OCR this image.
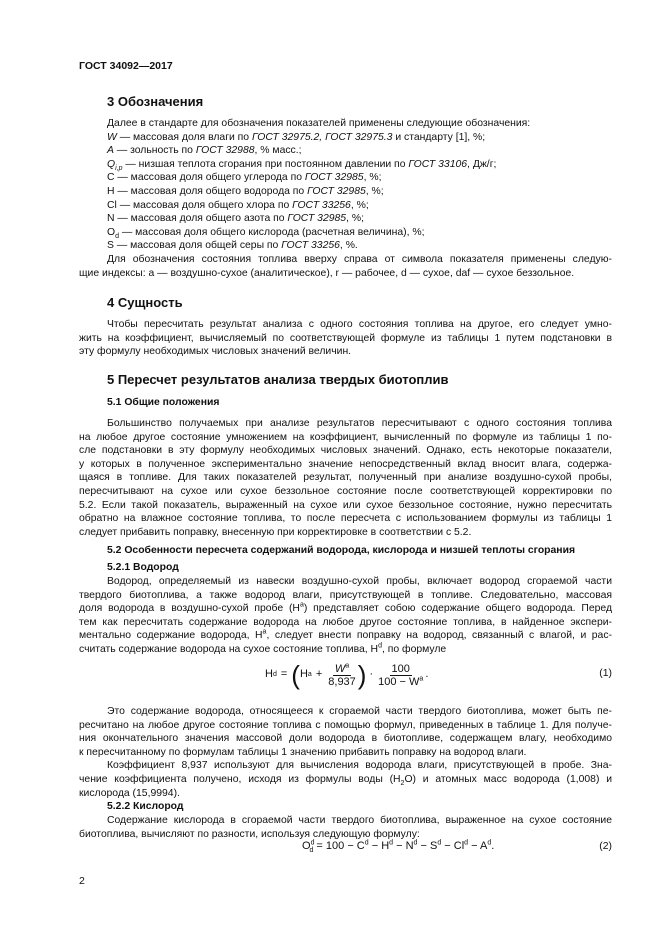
ГОСТ 34092—2017
3 Обозначения

Далее в стандарте для обозначения показателей применены следующие обозначения:

W — массовая доля влаги по ГОСТ 32975.2, ГОСТ 32975.3 и стандарту [1], %;

A — зольность по ГОСТ 32988, % масс.;

$Q_{i,p}$ — низшая теплота сгорания при постоянном давлении по ГОСТ 33106, Дж/г;

С — массовая доля общего углерода по ГОСТ 32985, %;

Н — массовая доля общего водорода по ГОСТ 32985, %;

Cl — массовая доля общего хлора по ГОСТ 33256, %;

N — массовая доля общего азота по ГОСТ 32985, %;

$O_d$ — массовая доля общего кислорода (расчетная величина), %;

S — массовая доля общей серы по ГОСТ 33256, %.

Для обозначения состояния топлива вверху справа от символа показателя применены следую-

щие индексы: a — воздушно-сухое (аналитическое), r — рабочее, d — сухое, daf — сухое беззольное.

4 Сущность

Чтобы пересчитать результат анализа с одного состояния топлива на другое, его следует умно-

жить на коэффициент, вычисляемый по соответствующей формуле из таблицы 1 путем подстановки в

эту формулу необходимых числовых значений величин.

5 Пересчет результатов анализа твердых биотоплив
5.1 Общие положения

Большинство получаемых при анализе результатов пересчитывают с одного состояния топлива

на любое другое состояние умножением на коэффициент, вычисленный по формуле из таблицы 1 по-

сле подстановки в эту формулу необходимых числовых значений. Однако, есть некоторые показатели,

у которых в полученное экспериментально значение непосредственный вклад вносит влага, содержа-

щаяся в топливе. Для таких показателей результат, полученный при анализе воздушно-сухой пробы,

пересчитывают на сухое или сухое беззольное состояние после соответствующей корректировки по

5.2. Если такой показатель, выраженный на сухое или сухое беззольное состояние, нужно пересчитать

обратно на влажное состояние топлива, то после пересчета с использованием формулы из таблицы 1

следует прибавить поправку, внесенную при корректировке в соответствии с 5.2.

5.2 Особенности пересчета содержаний водорода, кислорода и низшей теплоты сгорания
5.2.1 Водород

Водород, определяемый из навески воздушно-сухой пробы, включает водород сгораемой части

твердого биотоплива, а также водород влаги, присутствующей в топливе. Следовательно, массовая

доля водорода в воздушно-сухой пробе $(Н^a)$ представляет собою содержание общего водорода. Перед

тем как пересчитать содержание водорода на любое другое состояние топлива, в найденное экспери-

ментально содержание водорода, $Н^a$, следует внести поправку на водород, связанный с влагой, и рас-

считать содержание водорода на сухое состояние топлива, $Н^d$, по формуле

H d = ( H $a + \frac{W^a}{8,937}$ ) · $\frac{100}{100 - W^a}$ .	(1)

Это содержание водорода, относящееся к сгораемой части твердого биотоплива, может быть пе-

ресчитано на любое другое состояние топлива с помощью формул, приведенных в таблице 1. Для получе-

ния окончательного значения массовой доли водорода в биотопливе, содержащем влагу, необходимо

к пересчитанному по формулам таблицы 1 значению прибавить поправку на водород влаги.

Коэффициент 8,937 используют для вычисления водорода влаги, присутствующей в пробе. Зна-

чение коэффициента получено, исходя из формулы воды $(Н_2О)$ и атомных масс водорода (1,008) и

кислорода (15,9994).

5.2.2 Кислород

Содержание кислорода в сгораемой части твердого биотоплива, выраженное на сухое состояние

биотоплива, вычисляют по разности, используя следующую формулу:

$O^d_d = 100 - С^d - Н^d - N^d - S^d - Cl^d - A^d$.	(2)
2
